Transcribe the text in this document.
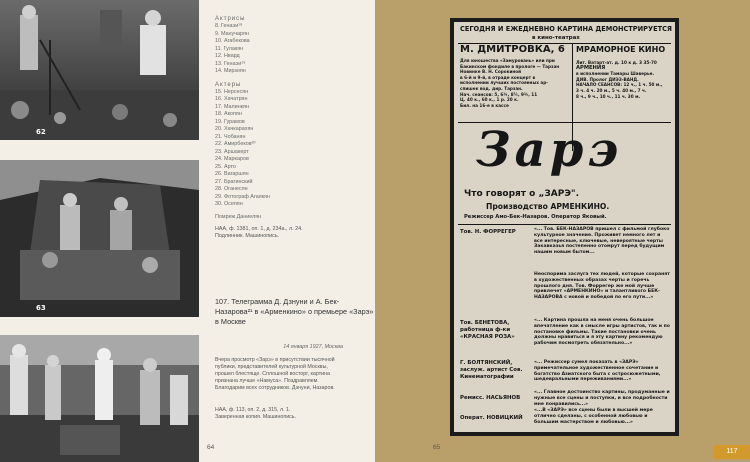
62
63
Актрисы
8. Генаэи¹⁸
9. Манучарян
10. Агабекова
11. Гулакян
12. Нвард
13. Генаэи¹⁹
14. Мирзоян
Актеры
15. Нерсесян
16. Хачатрян
17. Малинкян
18. Акопян
19. Гурамов
20. Хачкарахян
21. Чобанян
22. Амирбеков²⁰
23. Аршакерт
24. Маркаров
25. Арто
26. Вагаршян
27. Брагинский
28. Оганесян
29. Фотограф Агаякян
30. Осепян
Помреж Даниелян
НАА, ф. 1381, оп. 1, д. 234а., л. 24.
Подлинник. Машинопись.
107. Телеграмма Д. Дзнуни и А. Бек-Назарова²¹ в «Арменкино» о премьере «Зарэ» в Москве
14 января 1927, Москва
Вчера просмотр «Зарэ» в присутствии тысячной публики, представителей культурной Москвы, прошел блестяще. Сплошной восторг, картина признана лучше «Намуса». Поздравляем. Благодарим всех сотрудников. Дзнуни, Назаров.
НАА, ф. 113, оп. 2, д. 315, л. 1.
Заверенная копия. Машинопись.
64	65
СЕГОДНЯ И ЕЖЕДНЕВНО КАРТИНА ДЕМОНСТРИРУЕТСЯ
в кино-театрах
М. ДМИТРОВКА, 6 МРАМОРНОЕ КИНО
Для юношества «Замуровань» или при
Бакинском фондиле в прологе — Тарзан
Новинке В. Н. Сорокиной
в 6-й и 9-й, в отраде концерт в
исполнении лучших постоянных ар-
спишек вод. дир. Тарзан.
Нач. сеансов: 5, 6¾, 8¼, 9¾, 11
Ц. 40 к., 60 к., 1 р. 20 к.
Бил. на 16-е в кассе
Лит. Ватарт-ат. д. 10 к д. 3 35-70
АРМЕНИЯ
в исполнении Тамары Шаверье.
ДИВ. Пролог ДИЭЗ-ВАНД.
НАЧАЛО СЕАНСОВ: 12 ч., 1 ч. 50 м.,
3 ч. 4 ч. 20 м., 5 ч. 40 м., 7 ч.
8 ч., 9 ч., 10 ч., 11 ч. 30 м.
Зарэ
Что говорят о „ЗАРЭ".
Производство АРМЕНКИНО.
Режиссер Амо-Бек-Назаров. Оператор Яковый.
Тов. Н. ФОРРЕГЕР	«... Тов. БЕК-НАЗАРОВ пришел с фильмой глубоко культурное значение. Проживет немного лет и все интересные, ключевые, невероятные черты Закавказья постепенно отомрут перед будущим нашим новым бытом...
Неоспорима заслуга тех людей, которые сохранят в художественных образах черты и горечь прошлого дня. Тов. Форрегер же мой лучше привлечет «АРМЕНКИНО» и талантливого БЕК-НАЗАРОВА с новой и победой по его пути...»
Тов. БЕНЕТОВА, работница ф-ки «КРАСНАЯ РОЗА»
«... Картина прошла на меня очень большое впечатление как в смысле игры артистов, так и по постановке фильмы. Такие постановки очень должны нравиться и я эту картину рекомендую рабочим посмотреть обязательно...»
Г. БОЛТЯНСКИЙ, заслуж. артист Сов. Кинематографии
«... Режиссер сумел показать в «ЗАРЭ» примечательное художественное сочетание и богатство Азиатского быта с остросюжетными, шедевральными переживаниями...»
Ремисс. НАСЬЯНОВ
«... Главное достоинство картины, продуманные и нужные все сцены и поступки, и все подробности мне понравились...»
Операт. НОВИЦКИЙ
«...В «ЗАРЭ» все сцены были в высшей мере отлично сделаны, с особенной любовью и большим мастерством и любовью...»
117
